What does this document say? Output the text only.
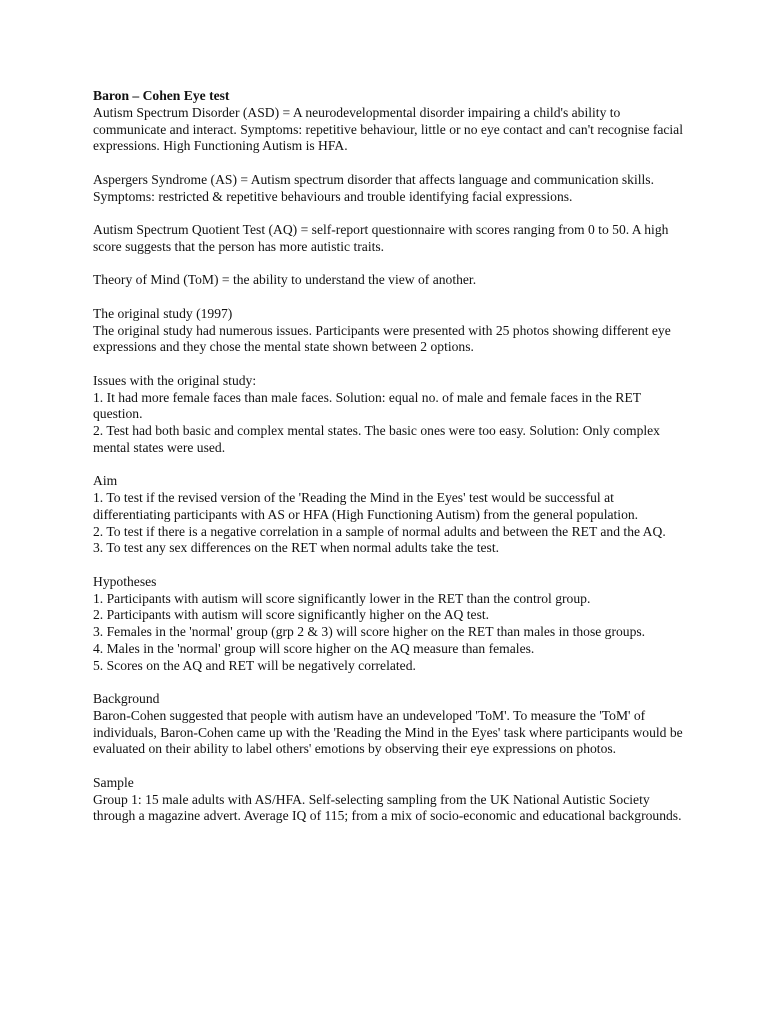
Baron – Cohen Eye test
Autism Spectrum Disorder (ASD) = A neurodevelopmental disorder impairing a child's ability to communicate and interact. Symptoms: repetitive behaviour, little or no eye contact and can't recognise facial expressions. High Functioning Autism is HFA.

Aspergers Syndrome (AS) = Autism spectrum disorder that affects language and communication skills. Symptoms: restricted & repetitive behaviours and trouble identifying facial expressions.

Autism Spectrum Quotient Test (AQ) = self-report questionnaire with scores ranging from 0 to 50. A high score suggests that the person has more autistic traits.

Theory of Mind (ToM) = the ability to understand the view of another.

The original study (1997)
The original study had numerous issues. Participants were presented with 25 photos showing different eye expressions and they chose the mental state shown between 2 options.

Issues with the original study:
1. It had more female faces than male faces. Solution: equal no. of male and female faces in the RET question.
2. Test had both basic and complex mental states. The basic ones were too easy. Solution: Only complex mental states were used.

Aim
1. To test if the revised version of the 'Reading the Mind in the Eyes' test would be successful at differentiating participants with AS or HFA (High Functioning Autism) from the general population.
2. To test if there is a negative correlation in a sample of normal adults and between the RET and the AQ.
3. To test any sex differences on the RET when normal adults take the test.

Hypotheses
1. Participants with autism will score significantly lower in the RET than the control group.
2. Participants with autism will score significantly higher on the AQ test.
3. Females in the 'normal' group (grp 2 & 3) will score higher on the RET than males in those groups.
4. Males in the 'normal' group will score higher on the AQ measure than females.
5. Scores on the AQ and RET will be negatively correlated.

Background
Baron-Cohen suggested that people with autism have an undeveloped 'ToM'. To measure the 'ToM' of individuals, Baron-Cohen came up with the 'Reading the Mind in the Eyes' task where participants would be evaluated on their ability to label others' emotions by observing their eye expressions on photos.

Sample
Group 1: 15 male adults with AS/HFA. Self-selecting sampling from the UK National Autistic Society through a magazine advert. Average IQ of 115; from a mix of socio-economic and educational backgrounds.
